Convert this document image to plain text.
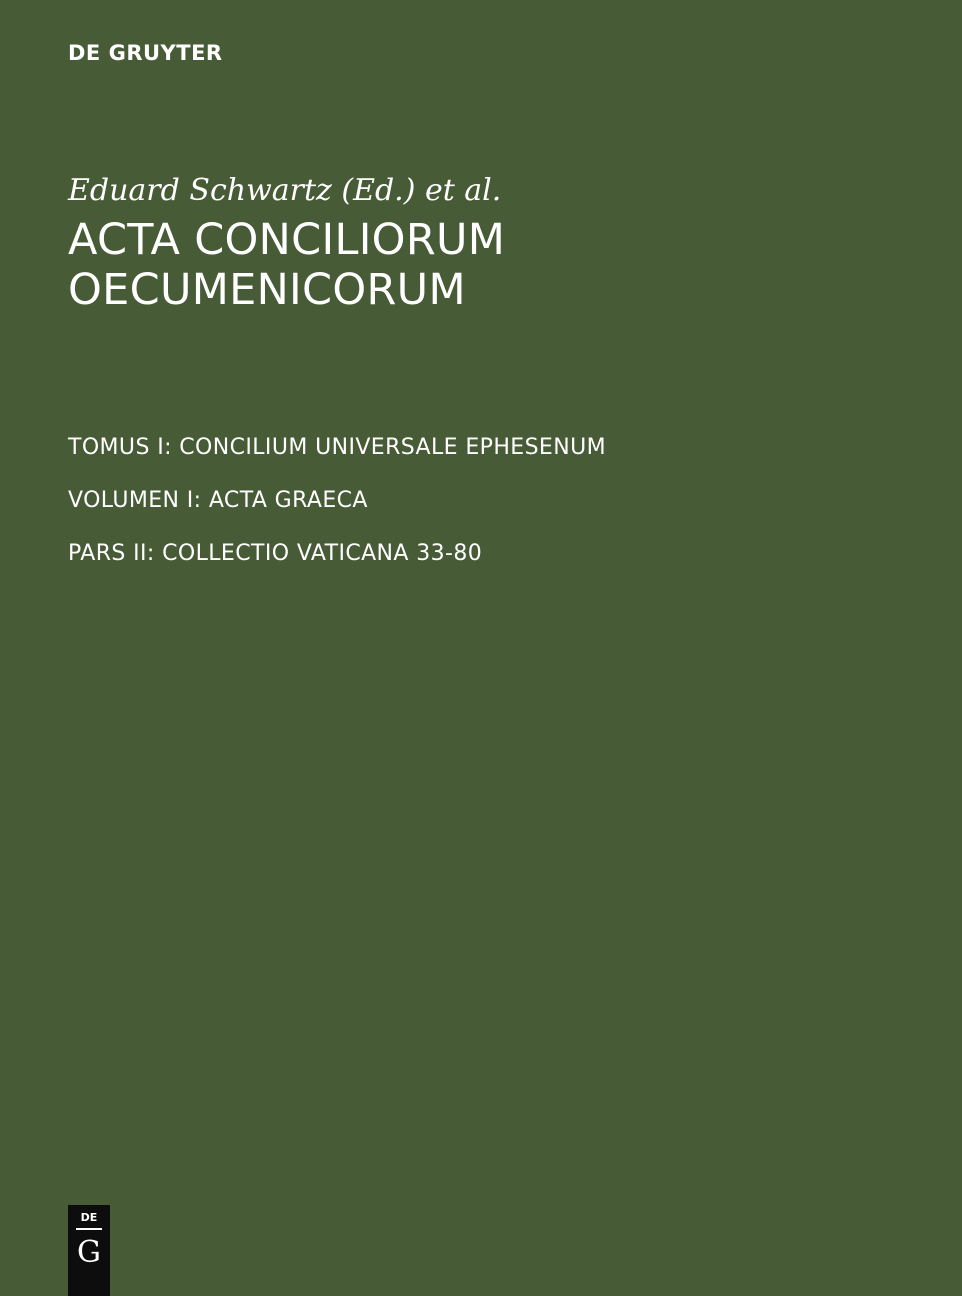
DE GRUYTER
Eduard Schwartz (Ed.) et al.
ACTA CONCILIORUM
OECUMENICORUM
TOMUS I: CONCILIUM UNIVERSALE EPHESENUM
VOLUMEN I: ACTA GRAECA
PARS II: COLLECTIO VATICANA 33-80
DE
G
